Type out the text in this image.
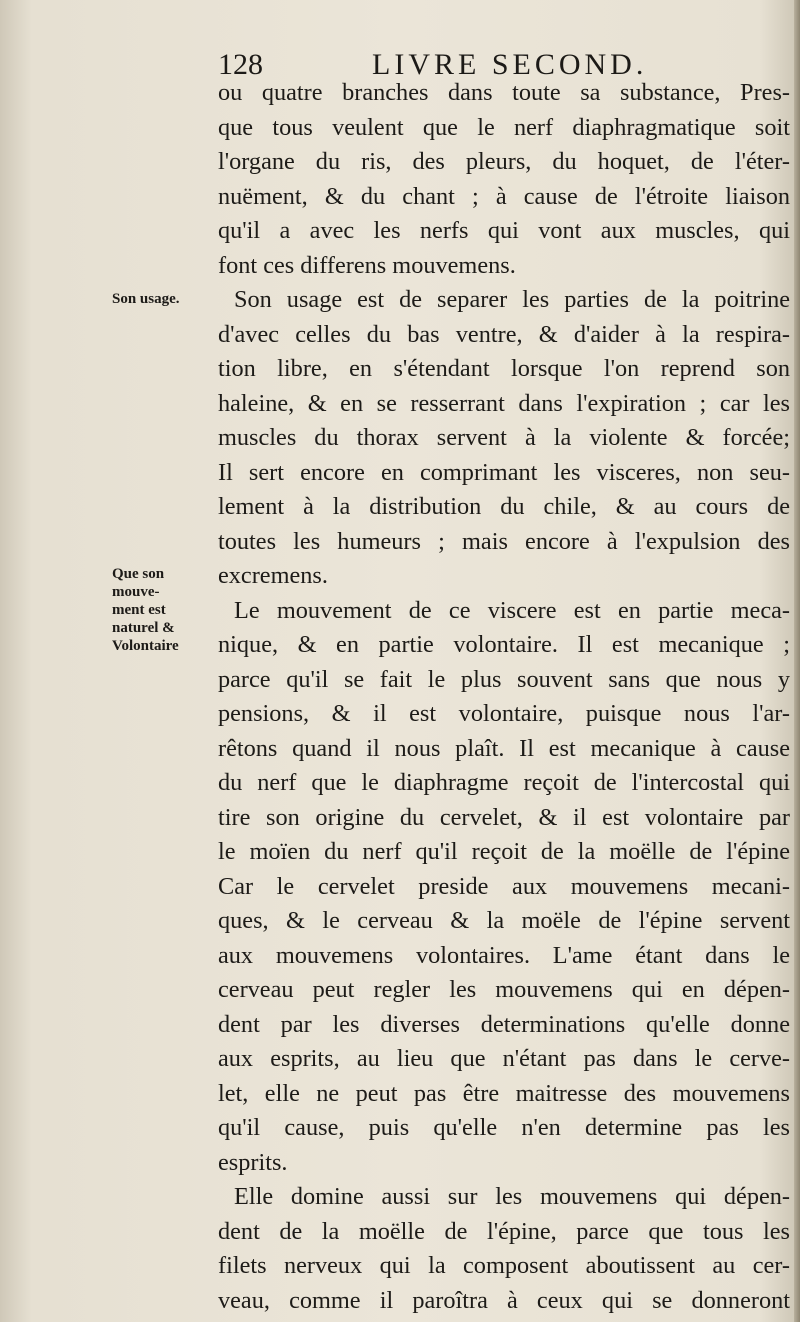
128	LIVRE SECOND.
Son usage.
Que son
mouve-
ment est
naturel &
Volontaire
ou quatre branches dans toute sa substance, Pres-
que tous veulent que le nerf diaphragmatique soit
l'organe du ris, des pleurs, du hoquet, de l'éter-
nuëment, & du chant ; à cause de l'étroite liaison
qu'il a avec les nerfs qui vont aux muscles, qui
font ces differens mouvemens.
Son usage est de separer les parties de la poitrine
d'avec celles du bas ventre, & d'aider à la respira-
tion libre, en s'étendant lorsque l'on reprend son
haleine, & en se resserrant dans l'expiration ; car les
muscles du thorax servent à la violente & forcée;
Il sert encore en comprimant les visceres, non seu-
lement à la distribution du chile, & au cours de
toutes les humeurs ; mais encore à l'expulsion des
excremens.
Le mouvement de ce viscere est en partie meca-
nique, & en partie volontaire. Il est mecanique ;
parce qu'il se fait le plus souvent sans que nous y
pensions, & il est volontaire, puisque nous l'ar-
rêtons quand il nous plaît. Il est mecanique à cause
du nerf que le diaphragme reçoit de l'intercostal qui
tire son origine du cervelet, & il est volontaire par
le moïen du nerf qu'il reçoit de la moëlle de l'épine
Car le cervelet preside aux mouvemens mecani-
ques, & le cerveau & la moële de l'épine servent
aux mouvemens volontaires. L'ame étant dans le
cerveau peut regler les mouvemens qui en dépen-
dent par les diverses determinations qu'elle donne
aux esprits, au lieu que n'étant pas dans le cerve-
let, elle ne peut pas être maitresse des mouvemens
qu'il cause, puis qu'elle n'en determine pas les
esprits.
Elle domine aussi sur les mouvemens qui dépen-
dent de la moëlle de l'épine, parce que tous les
filets nerveux qui la composent aboutissent au cer-
veau, comme il paroîtra à ceux qui se donneront
